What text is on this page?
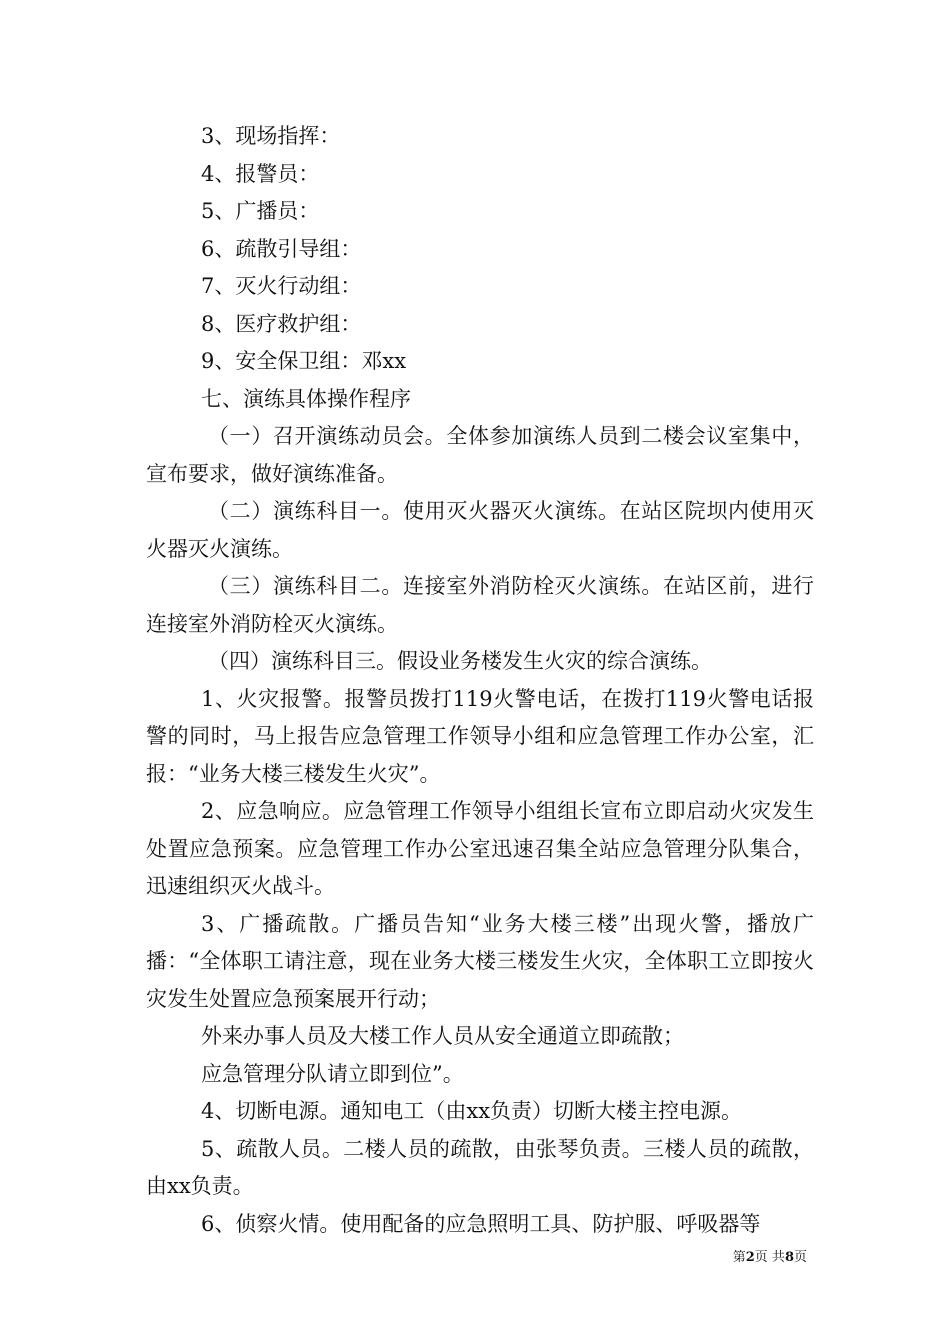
3、现场指挥：

4、报警员：

5、广播员：

6、疏散引导组：

7、灭火行动组：

8、医疗救护组：

9、安全保卫组：邓xx

七、演练具体操作程序

（一）召开演练动员会。全体参加演练人员到二楼会议室集中，宣布要求，做好演练准备。

（二）演练科目一。使用灭火器灭火演练。在站区院坝内使用灭火器灭火演练。

（三）演练科目二。连接室外消防栓灭火演练。在站区前，进行连接室外消防栓灭火演练。

（四）演练科目三。假设业务楼发生火灾的综合演练。

1、火灾报警。报警员拨打119火警电话，在拨打119火警电话报警的同时，马上报告应急管理工作领导小组和应急管理工作办公室，汇报：“业务大楼三楼发生火灾”。

2、应急响应。应急管理工作领导小组组长宣布立即启动火灾发生处置应急预案。应急管理工作办公室迅速召集全站应急管理分队集合，迅速组织灭火战斗。

3、广播疏散。广播员告知“业务大楼三楼”出现火警，播放广播：“全体职工请注意，现在业务大楼三楼发生火灾，全体职工立即按火灾发生处置应急预案展开行动；

外来办事人员及大楼工作人员从安全通道立即疏散；

应急管理分队请立即到位”。

4、切断电源。通知电工（由xx负责）切断大楼主控电源。

5、疏散人员。二楼人员的疏散，由张琴负责。三楼人员的疏散，由xx负责。

6、侦察火情。使用配备的应急照明工具、防护服、呼吸器等

第2页 共8页
